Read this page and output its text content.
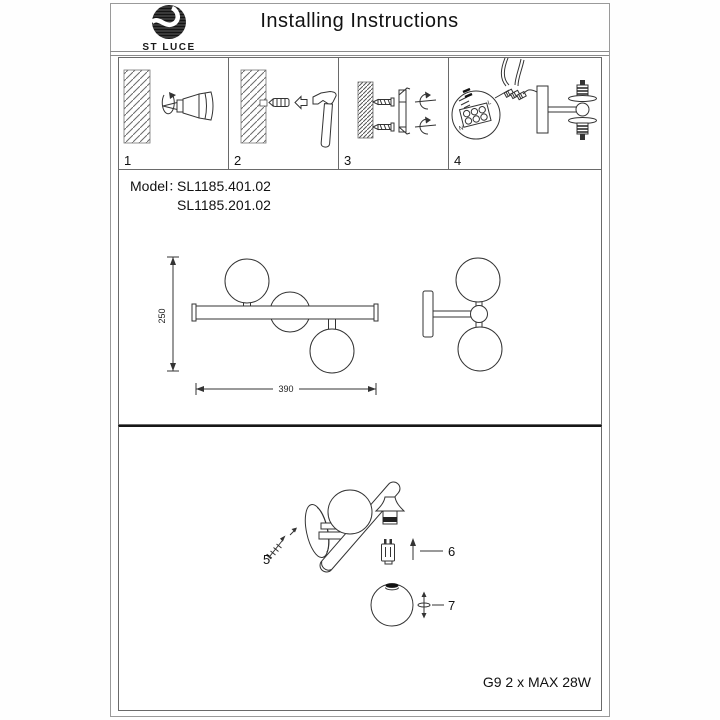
ST LUCE
Installing Instructions
1	2	3
N
L
4
Model：
SL1185.401.02
SL1185.201.02
250
390
5
6
7
G9 2 x MAX 28W
